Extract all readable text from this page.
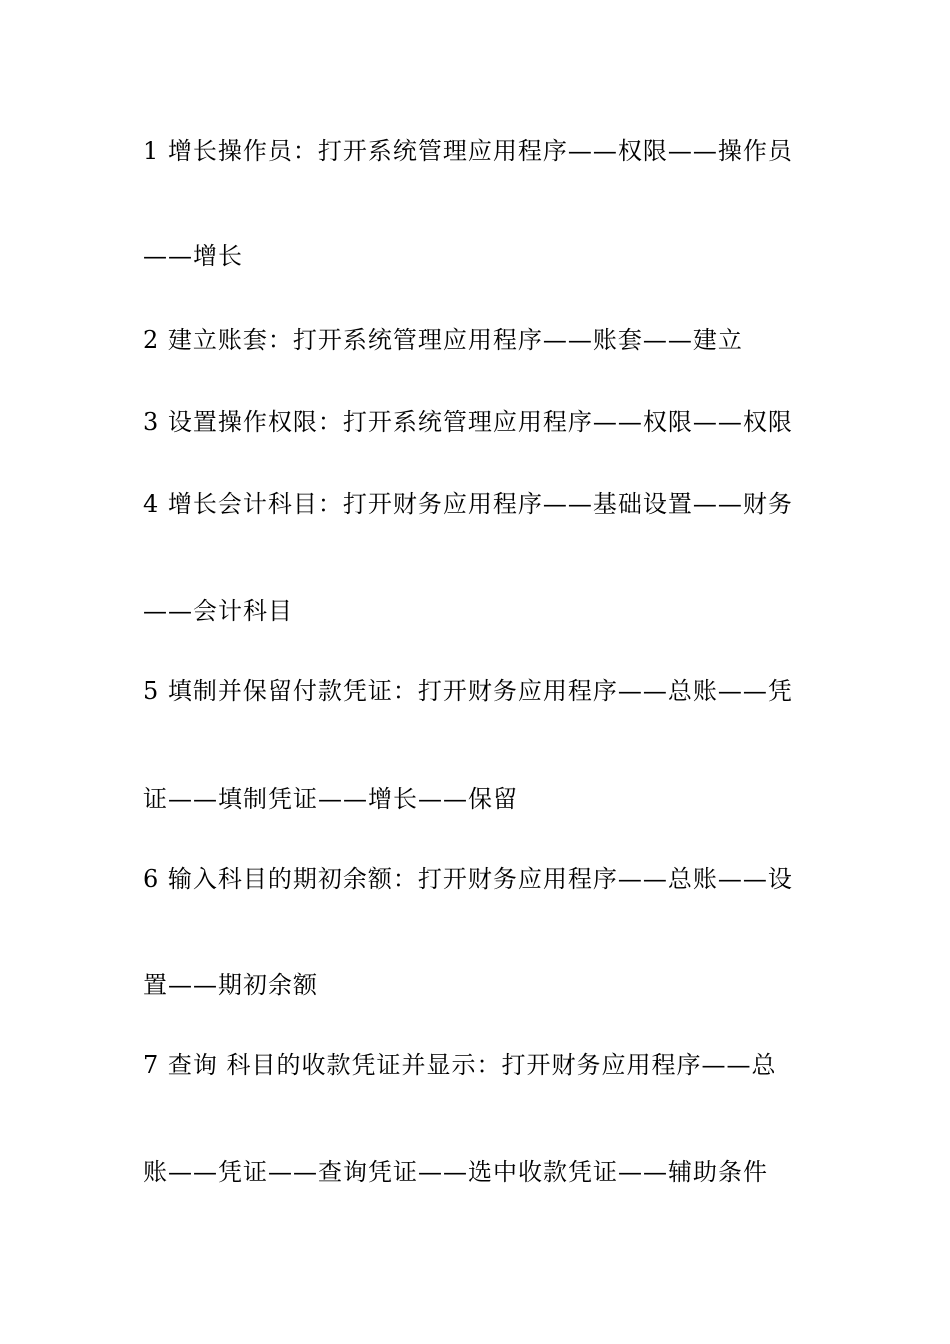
1 增长操作员：打开系统管理应用程序——权限——操作员
——增长
2 建立账套：打开系统管理应用程序——账套——建立
3 设置操作权限：打开系统管理应用程序——权限——权限
4 增长会计科目：打开财务应用程序——基础设置——财务
——会计科目
5 填制并保留付款凭证：打开财务应用程序——总账——凭
证——填制凭证——增长——保留
6 输入科目的期初余额：打开财务应用程序——总账——设
置——期初余额
7 查询 科目的收款凭证并显示：打开财务应用程序——总
账——凭证——查询凭证——选中收款凭证——辅助条件
